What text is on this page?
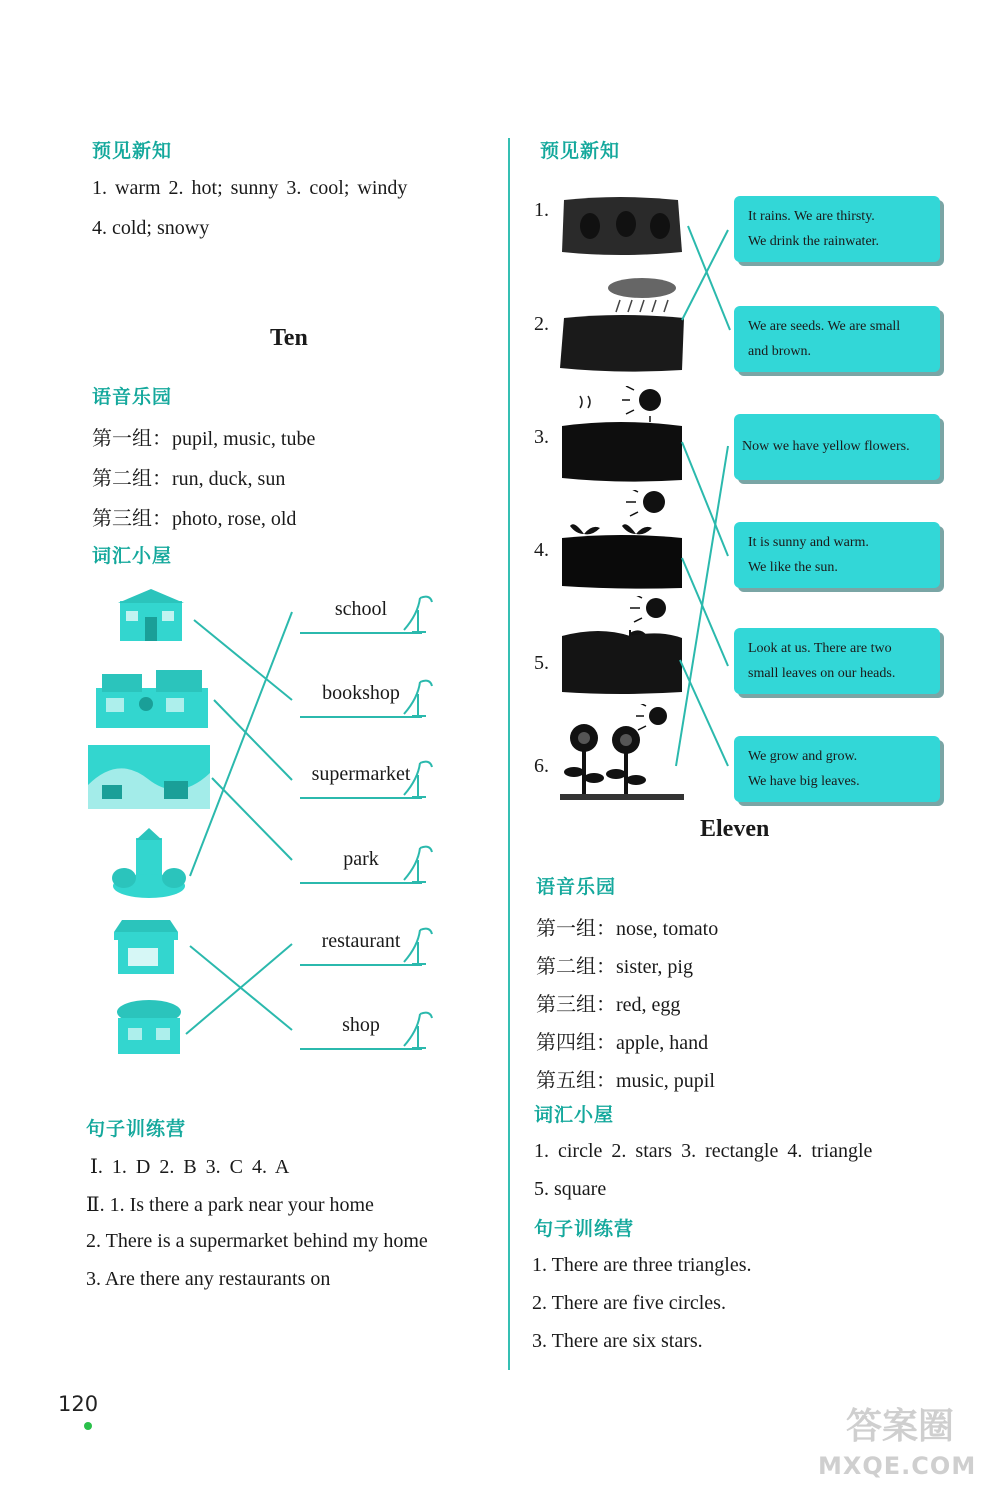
预见新知
1. warm 2. hot; sunny 3. cool; windy
4. cold; snowy
Ten
语音乐园
第一组：pupil, music, tube
第二组：run, duck, sun
第三组：photo, rose, old
词汇小屋
school
bookshop
supermarket
park
restaurant
shop
句子训练营
Ⅰ. 1. D 2. B 3. C 4. A
Ⅱ. 1. Is there a park near your home
2. There is a supermarket behind my home
3. Are there any restaurants on
预见新知
1.
2.
3.
4.
5.
6.
It rains. We are thirsty.
We drink the rainwater.
We are seeds. We are small
and brown.
Now we have yellow flowers.
It is sunny and warm.
We like the sun.
Look at us. There are two
small leaves on our heads.
We grow and grow.
We have big leaves.
Eleven
语音乐园
第一组：nose, tomato
第二组：sister, pig
第三组：red, egg
第四组：apple, hand
第五组：music, pupil
词汇小屋
1. circle 2. stars 3. rectangle 4. triangle
5. square
句子训练营
1. There are three triangles.
2. There are five circles.
3. There are six stars.
120
答案圈
MXQE.COM
